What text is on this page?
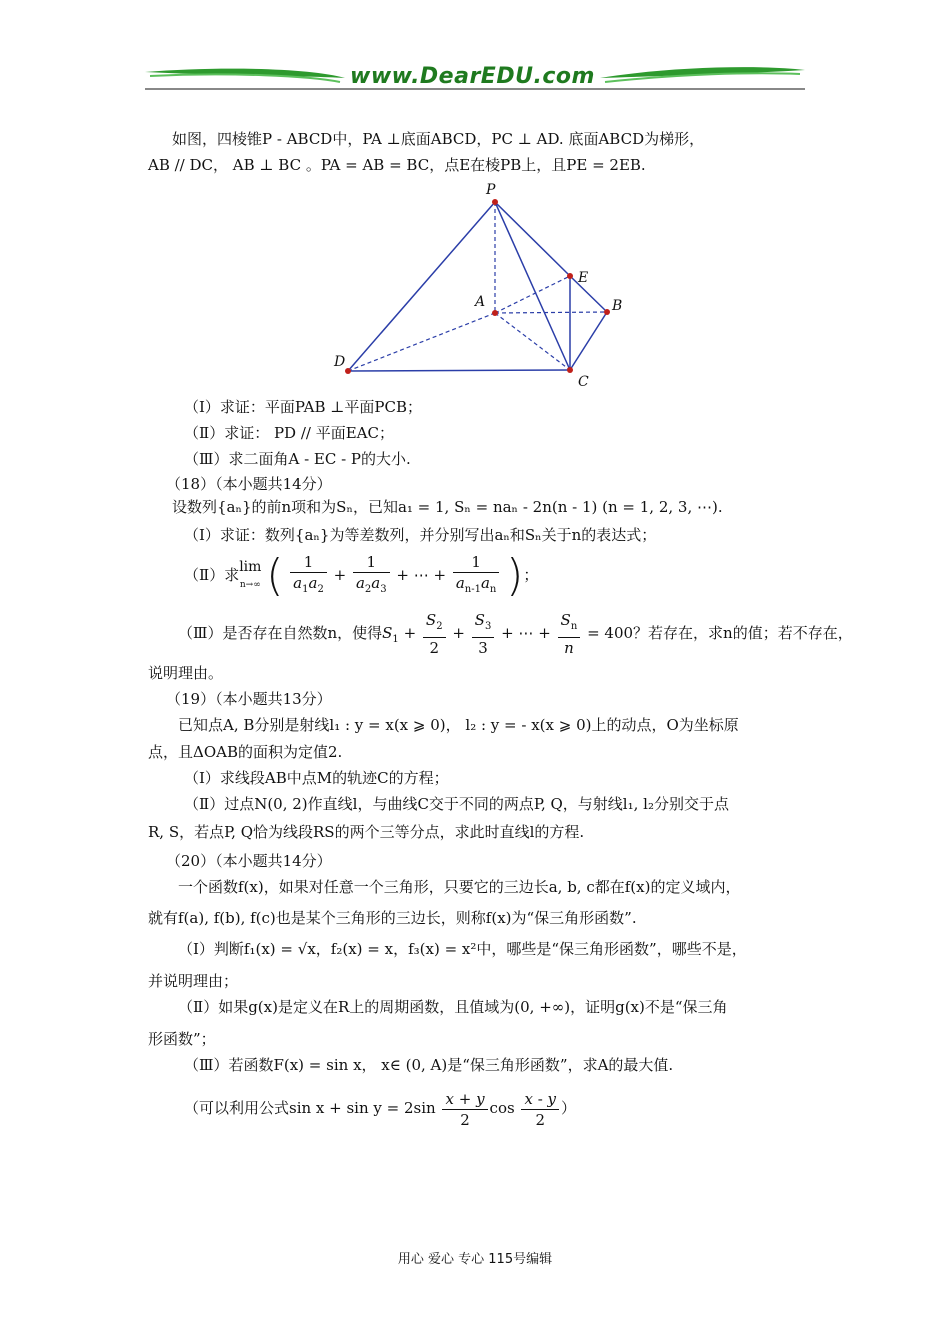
www.DearEDU.com
如图，四棱锥P - ABCD中，PA ⊥底面ABCD，PC ⊥ AD. 底面ABCD为梯形，
AB // DC， AB ⊥ BC 。PA = AB = BC，点E在棱PB上，且PE = 2EB.
P
A	B
C
D
E
（Ⅰ）求证：平面PAB ⊥平面PCB；
（Ⅱ）求证： PD // 平面EAC；
（Ⅲ）求二面角A - EC - P的大小.
（18）（本小题共14分）
设数列{aₙ}的前n项和为Sₙ，已知a₁ = 1, Sₙ = naₙ - 2n(n - 1) (n = 1, 2, 3, ⋯).
（Ⅰ）求证：数列{aₙ}为等差数列，并分别写出aₙ和Sₙ关于n的表达式；
（Ⅱ）求lim
n→∞ ( $\frac{1}{a_1a_2} + \frac{1}{a_2a_3}$ + ⋯ + $\frac{1}{a_{n-1}a_n}$ )；
（Ⅲ）是否存在自然数n，使得$S_1 + \frac{S_2}{2} + \frac{S_3}{3}$ + ⋯ + $\frac{S_n}{n} = 400$？若存在，求n的值；若不存在，
说明理由。
（19）（本小题共13分）
已知点A, B分别是射线l₁ : y = x(x ⩾ 0)， l₂ : y = - x(x ⩾ 0)上的动点，O为坐标原
点，且ΔOAB的面积为定值2.
（Ⅰ）求线段AB中点M的轨迹C的方程；
（Ⅱ）过点N(0, 2)作直线l，与曲线C交于不同的两点P, Q，与射线l₁, l₂分别交于点
R, S，若点P, Q恰为线段RS的两个三等分点，求此时直线l的方程.
（20）（本小题共14分）
一个函数f(x)，如果对任意一个三角形，只要它的三边长a, b, c都在f(x)的定义域内，
就有f(a), f(b), f(c)也是某个三角形的三边长，则称f(x)为“保三角形函数”.
（Ⅰ）判断f₁(x) = √x，f₂(x) = x，f₃(x) = x²中，哪些是“保三角形函数”，哪些不是，
并说明理由；
（Ⅱ）如果g(x)是定义在R上的周期函数，且值域为(0, +∞)，证明g(x)不是“保三角
形函数”；
（Ⅲ）若函数F(x) = sin x， x∈ (0, A)是“保三角形函数”，求A的最大值.
（可以利用公式$\sin x + \sin y = 2\sin \frac{x + y}{2}$ $\cos \frac{x - y}{2}$ ）
用心 爱心 专心 115号编辑
